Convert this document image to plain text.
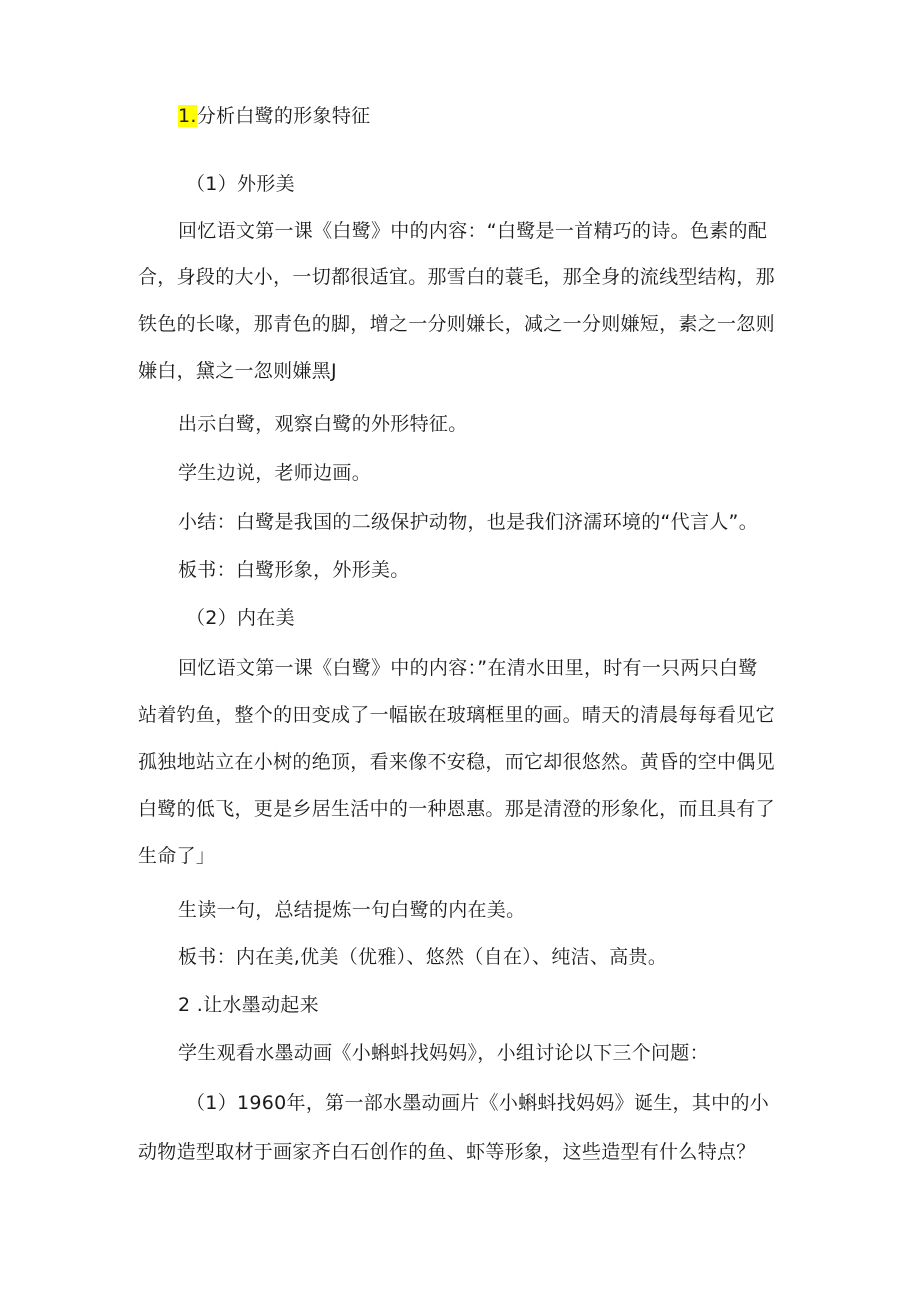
1.分析白鹭的形象特征

（1）外形美

回忆语文第一课《白鹭》中的内容：“白鹭是一首精巧的诗。色素的配

合，身段的大小，一切都很适宜。那雪白的蓑毛，那全身的流线型结构，那

铁色的长喙，那青色的脚，增之一分则嫌长，减之一分则嫌短，素之一忽则

嫌白，黛之一忽则嫌黑J

出示白鹭，观察白鹭的外形特征。

学生边说，老师边画。

小结：白鹭是我国的二级保护动物，也是我们济濡环境的“代言人”。

板书：白鹭形象，外形美。

（2）内在美

回忆语文第一课《白鹭》中的内容：”在清水田里，时有一只两只白鹭

站着钓鱼，整个的田变成了一幅嵌在玻璃框里的画。晴天的清晨每每看见它

孤独地站立在小树的绝顶，看来像不安稳，而它却很悠然。黄昏的空中偶见

白鹭的低飞，更是乡居生活中的一种恩惠。那是清澄的形象化，而且具有了

生命了」

生读一句，总结提炼一句白鹭的内在美。

板书：内在美,优美（优雅）、悠然（自在）、纯洁、高贵。

2 .让水墨动起来

学生观看水墨动画《小蝌蚪找妈妈》，小组讨论以下三个问题：

（1）1960年，第一部水墨动画片《小蝌蚪找妈妈》诞生，其中的小

动物造型取材于画家齐白石创作的鱼、虾等形象，这些造型有什么特点？
